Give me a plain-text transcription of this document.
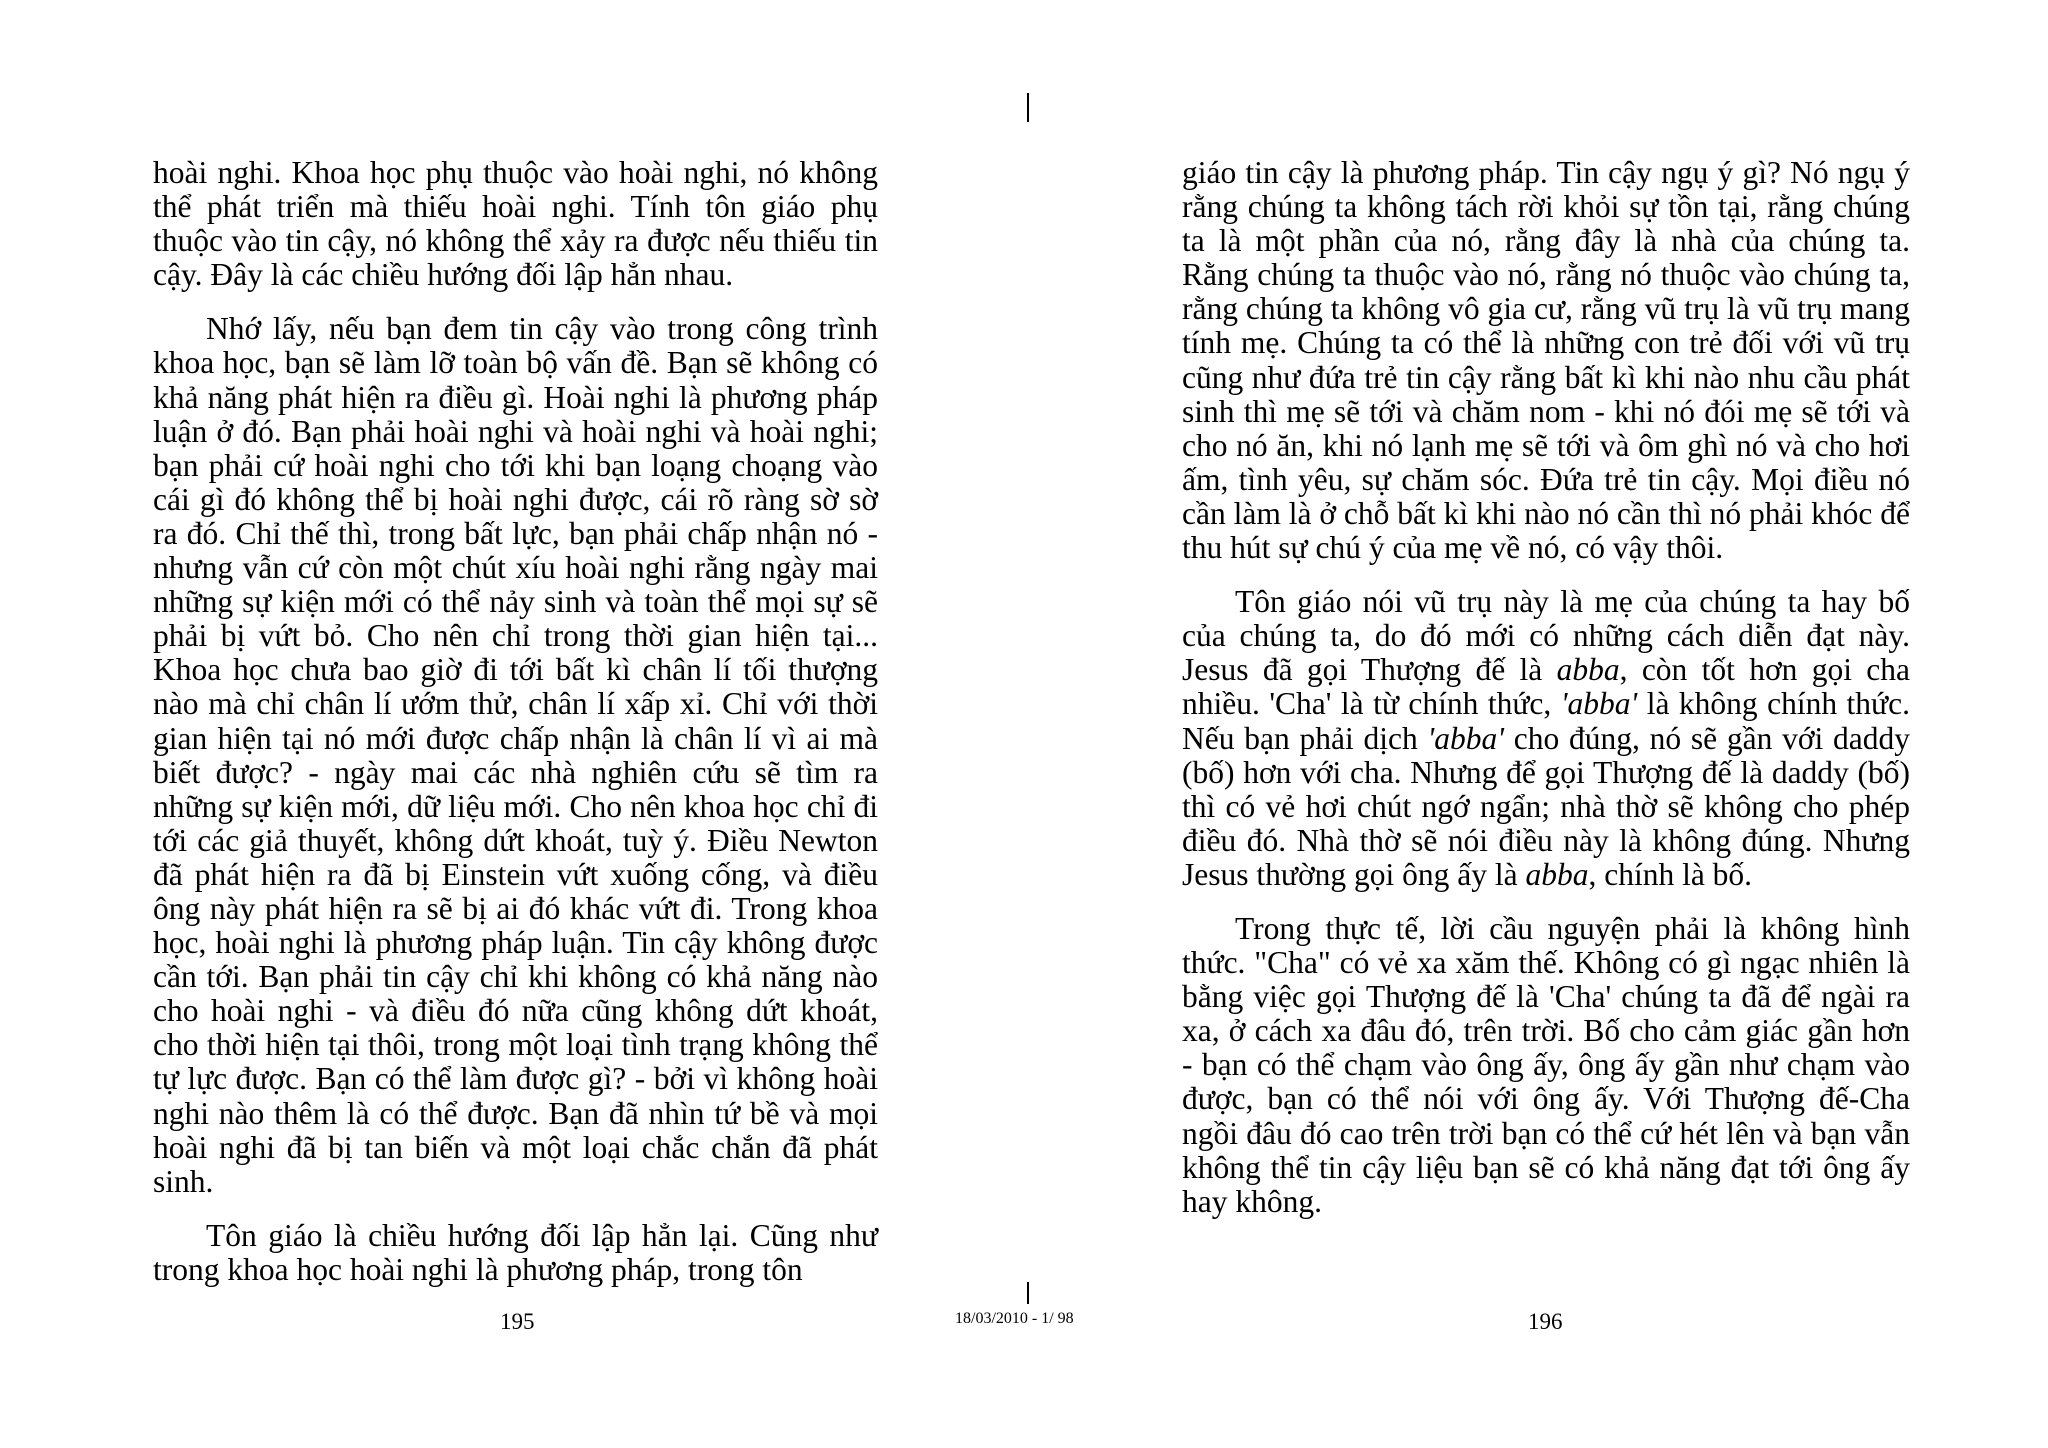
hoài nghi. Khoa học phụ thuộc vào hoài nghi, nó không thể phát triển mà thiếu hoài nghi. Tính tôn giáo phụ thuộc vào tin cậy, nó không thể xảy ra được nếu thiếu tin cậy. Đây là các chiều hướng đối lập hẳn nhau.

Nhớ lấy, nếu bạn đem tin cậy vào trong công trình khoa học, bạn sẽ làm lỡ toàn bộ vấn đề. Bạn sẽ không có khả năng phát hiện ra điều gì. Hoài nghi là phương pháp luận ở đó. Bạn phải hoài nghi và hoài nghi và hoài nghi; bạn phải cứ hoài nghi cho tới khi bạn loạng choạng vào cái gì đó không thể bị hoài nghi được, cái rõ ràng sờ sờ ra đó. Chỉ thế thì, trong bất lực, bạn phải chấp nhận nó - nhưng vẫn cứ còn một chút xíu hoài nghi rằng ngày mai những sự kiện mới có thể nảy sinh và toàn thể mọi sự sẽ phải bị vứt bỏ. Cho nên chỉ trong thời gian hiện tại... Khoa học chưa bao giờ đi tới bất kì chân lí tối thượng nào mà chỉ chân lí ướm thử, chân lí xấp xỉ. Chỉ với thời gian hiện tại nó mới được chấp nhận là chân lí vì ai mà biết được? - ngày mai các nhà nghiên cứu sẽ tìm ra những sự kiện mới, dữ liệu mới. Cho nên khoa học chỉ đi tới các giả thuyết, không dứt khoát, tuỳ ý. Điều Newton đã phát hiện ra đã bị Einstein vứt xuống cống, và điều ông này phát hiện ra sẽ bị ai đó khác vứt đi. Trong khoa học, hoài nghi là phương pháp luận. Tin cậy không được cần tới. Bạn phải tin cậy chỉ khi không có khả năng nào cho hoài nghi - và điều đó nữa cũng không dứt khoát, cho thời hiện tại thôi, trong một loại tình trạng không thể tự lực được. Bạn có thể làm được gì? - bởi vì không hoài nghi nào thêm là có thể được. Bạn đã nhìn tứ bề và mọi hoài nghi đã bị tan biến và một loại chắc chắn đã phát sinh.

Tôn giáo là chiều hướng đối lập hẳn lại. Cũng như trong khoa học hoài nghi là phương pháp, trong tôn

giáo tin cậy là phương pháp. Tin cậy ngụ ý gì? Nó ngụ ý rằng chúng ta không tách rời khỏi sự tồn tại, rằng chúng ta là một phần của nó, rằng đây là nhà của chúng ta. Rằng chúng ta thuộc vào nó, rằng nó thuộc vào chúng ta, rằng chúng ta không vô gia cư, rằng vũ trụ là vũ trụ mang tính mẹ. Chúng ta có thể là những con trẻ đối với vũ trụ cũng như đứa trẻ tin cậy rằng bất kì khi nào nhu cầu phát sinh thì mẹ sẽ tới và chăm nom - khi nó đói mẹ sẽ tới và cho nó ăn, khi nó lạnh mẹ sẽ tới và ôm ghì nó và cho hơi ấm, tình yêu, sự chăm sóc. Đứa trẻ tin cậy. Mọi điều nó cần làm là ở chỗ bất kì khi nào nó cần thì nó phải khóc để thu hút sự chú ý của mẹ về nó, có vậy thôi.

Tôn giáo nói vũ trụ này là mẹ của chúng ta hay bố của chúng ta, do đó mới có những cách diễn đạt này. Jesus đã gọi Thượng đế là abba, còn tốt hơn gọi cha nhiều. 'Cha' là từ chính thức, 'abba' là không chính thức. Nếu bạn phải dịch 'abba' cho đúng, nó sẽ gần với daddy (bố) hơn với cha. Nhưng để gọi Thượng đế là daddy (bố) thì có vẻ hơi chút ngớ ngẩn; nhà thờ sẽ không cho phép điều đó. Nhà thờ sẽ nói điều này là không đúng. Nhưng Jesus thường gọi ông ấy là abba, chính là bố.

Trong thực tế, lời cầu nguyện phải là không hình thức. "Cha" có vẻ xa xăm thế. Không có gì ngạc nhiên là bằng việc gọi Thượng đế là 'Cha' chúng ta đã để ngài ra xa, ở cách xa đâu đó, trên trời. Bố cho cảm giác gần hơn - bạn có thể chạm vào ông ấy, ông ấy gần như chạm vào được, bạn có thể nói với ông ấy. Với Thượng đế-Cha ngồi đâu đó cao trên trời bạn có thể cứ hét lên và bạn vẫn không thể tin cậy liệu bạn sẽ có khả năng đạt tới ông ấy hay không.

195	18/03/2010 - 1/ 98	196
